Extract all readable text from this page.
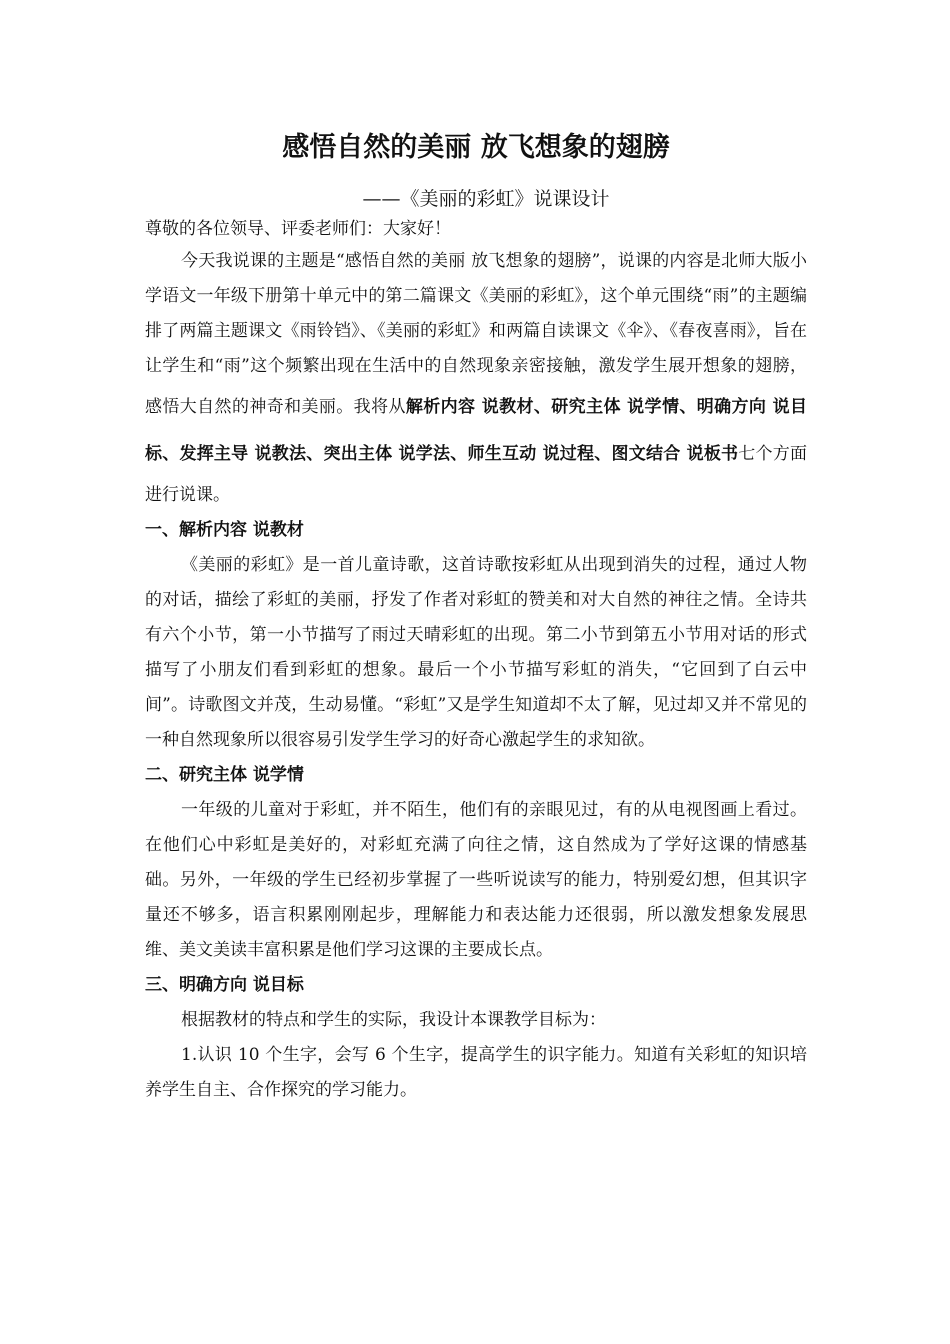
感悟自然的美丽 放飞想象的翅膀
——《美丽的彩虹》说课设计

尊敬的各位领导、评委老师们：大家好！

今天我说课的主题是“感悟自然的美丽 放飞想象的翅膀”，说课的内容是北师大版小学语文一年级下册第十单元中的第二篇课文《美丽的彩虹》，这个单元围绕“雨”的主题编排了两篇主题课文《雨铃铛》、《美丽的彩虹》和两篇自读课文《伞》、《春夜喜雨》，旨在让学生和“雨”这个频繁出现在生活中的自然现象亲密接触，激发学生展开想象的翅膀，感悟大自然的神奇和美丽。我将从解析内容 说教材、研究主体 说学情、明确方向 说目标、发挥主导 说教法、突出主体 说学法、师生互动 说过程、图文结合 说板书七个方面进行说课。

一、解析内容 说教材

《美丽的彩虹》是一首儿童诗歌，这首诗歌按彩虹从出现到消失的过程，通过人物的对话，描绘了彩虹的美丽，抒发了作者对彩虹的赞美和对大自然的神往之情。全诗共有六个小节，第一小节描写了雨过天晴彩虹的出现。第二小节到第五小节用对话的形式描写了小朋友们看到彩虹的想象。最后一个小节描写彩虹的消失，“它回到了白云中间”。诗歌图文并茂，生动易懂。“彩虹”又是学生知道却不太了解，见过却又并不常见的一种自然现象所以很容易引发学生学习的好奇心激起学生的求知欲。

二、研究主体 说学情

一年级的儿童对于彩虹，并不陌生，他们有的亲眼见过，有的从电视图画上看过。在他们心中彩虹是美好的，对彩虹充满了向往之情，这自然成为了学好这课的情感基础。另外，一年级的学生已经初步掌握了一些听说读写的能力，特别爱幻想，但其识字量还不够多，语言积累刚刚起步，理解能力和表达能力还很弱，所以激发想象发展思维、美文美读丰富积累是他们学习这课的主要成长点。

三、明确方向 说目标

根据教材的特点和学生的实际，我设计本课教学目标为：

1.认识 10 个生字，会写 6 个生字，提高学生的识字能力。知道有关彩虹的知识培养学生自主、合作探究的学习能力。
